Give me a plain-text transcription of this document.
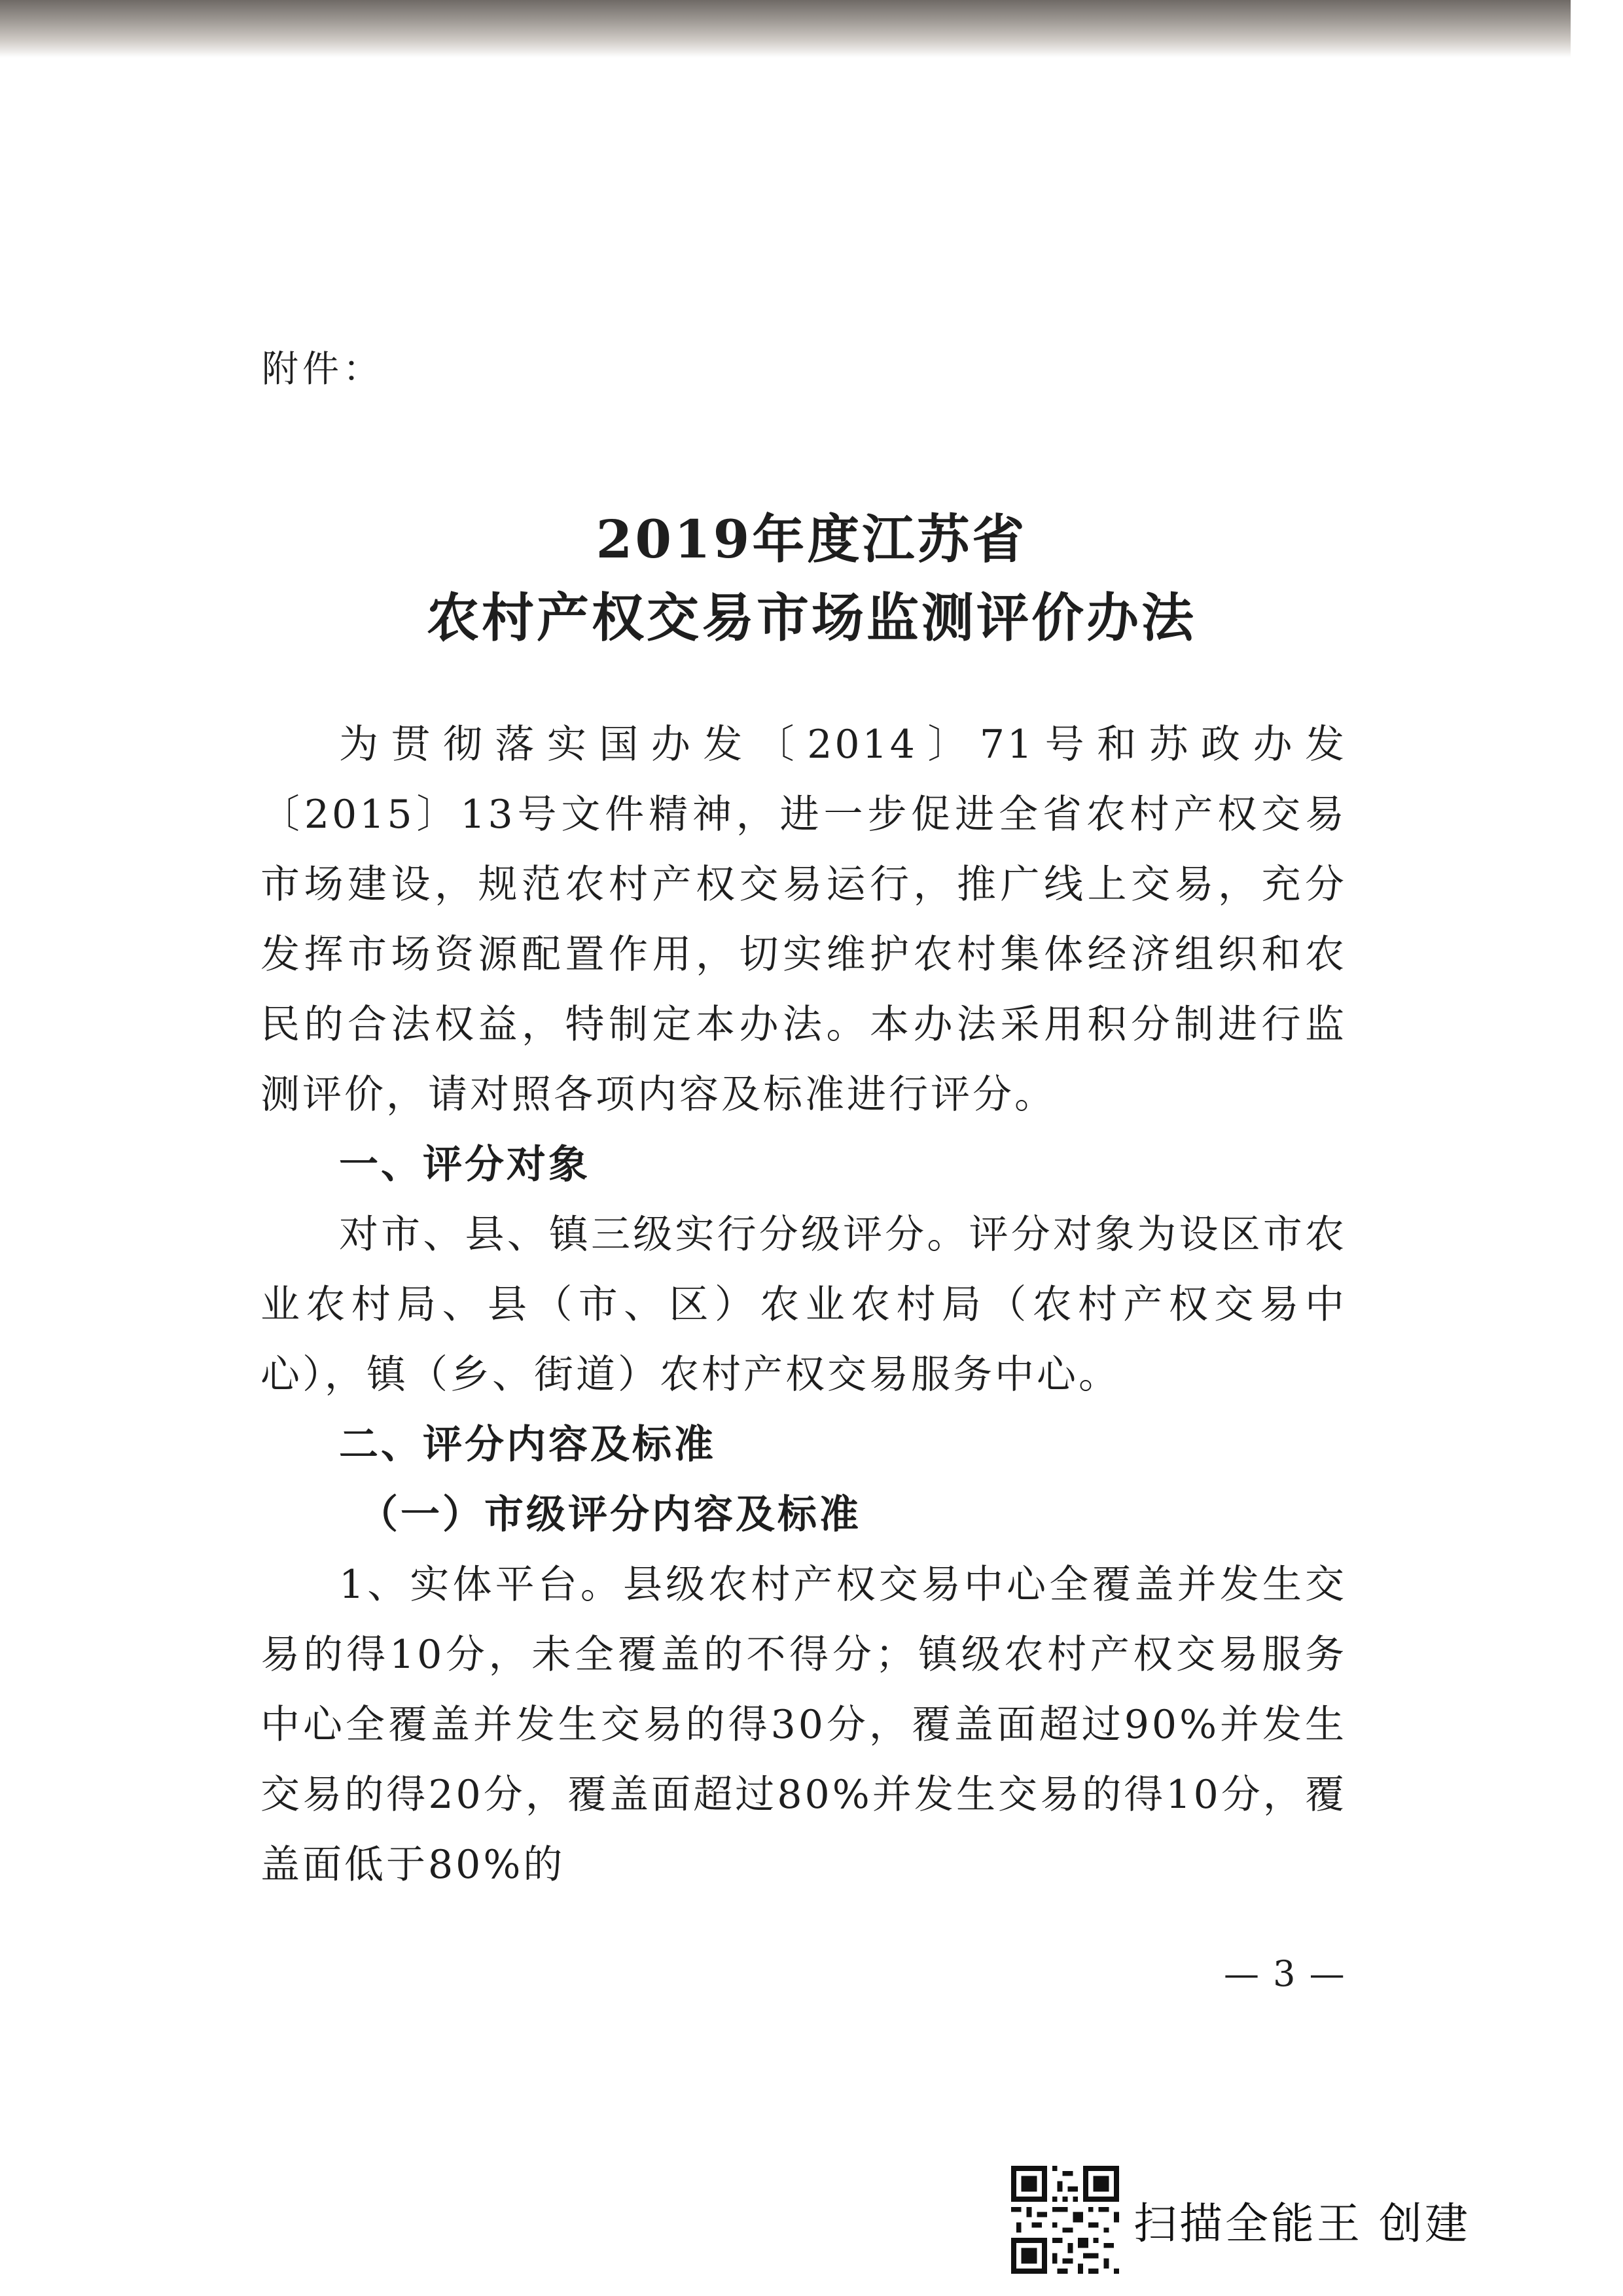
附件：
2019年度江苏省
农村产权交易市场监测评价办法

为贯彻落实国办发〔2014〕71号和苏政办发〔2015〕13号文件精神，进一步促进全省农村产权交易市场建设，规范农村产权交易运行，推广线上交易，充分发挥市场资源配置作用，切实维护农村集体经济组织和农民的合法权益，特制定本办法。本办法采用积分制进行监测评价，请对照各项内容及标准进行评分。

一、评分对象

对市、县、镇三级实行分级评分。评分对象为设区市农业农村局、县（市、区）农业农村局（农村产权交易中心），镇（乡、街道）农村产权交易服务中心。

二、评分内容及标准
（一）市级评分内容及标准

1、实体平台。县级农村产权交易中心全覆盖并发生交易的得10分，未全覆盖的不得分；镇级农村产权交易服务中心全覆盖并发生交易的得30分，覆盖面超过90%并发生交易的得20分，覆盖面超过80%并发生交易的得10分，覆盖面低于80%的

— 3 —
扫描全能王 创建
